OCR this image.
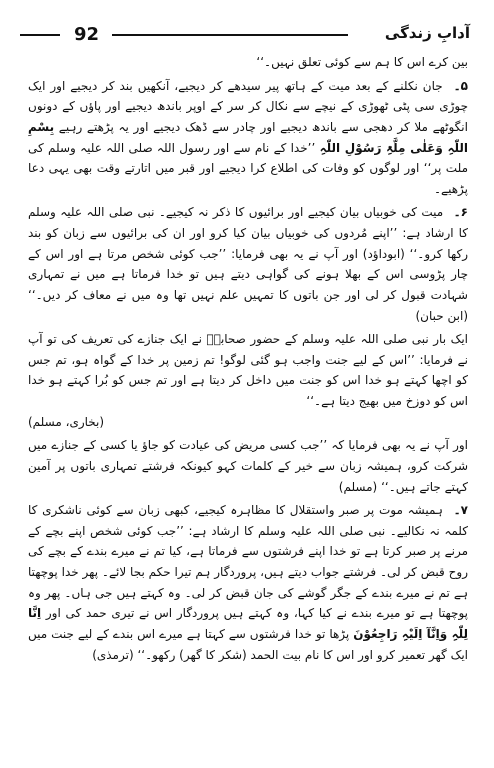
92	آدابِ زندگی

بین کرے اس کا ہم سے کوئی تعلق نہیں۔‘‘

۵۔ جان نکلنے کے بعد میت کے ہاتھ پیر سیدھے کر دیجیے، آنکھیں بند کر دیجیے اور ایک چوڑی سی پٹی ٹھوڑی کے نیچے سے نکال کر سر کے اوپر باندھ دیجیے اور پاؤں کے دونوں انگوٹھے ملا کر دھجی سے باندھ دیجیے اور چادر سے ڈھک دیجیے اور یہ پڑھتے رہیے بِسْمِ اللّٰہِ وَعَلٰی مِلَّۃِ رَسُوْلِ اللّٰہِ ’’خدا کے نام سے اور رسول اللہ صلی اللہ علیہ وسلم کی ملت پر‘‘ اور لوگوں کو وفات کی اطلاع کرا دیجیے اور قبر میں اتارتے وقت بھی یہی دعا پڑھیے۔

۶۔ میت کی خوبیاں بیان کیجیے اور برائیوں کا ذکر نہ کیجیے۔ نبی صلی اللہ علیہ وسلم کا ارشاد ہے: ’’اپنے مُردوں کی خوبیاں بیان کیا کرو اور ان کی برائیوں سے زبان کو بند رکھا کرو۔‘‘ (ابوداؤد) اور آپ نے یہ بھی فرمایا: ’’جب کوئی شخص مرتا ہے اور اس کے چار پڑوسی اس کے بھلا ہونے کی گواہی دیتے ہیں تو خدا فرماتا ہے میں نے تمہاری شہادت قبول کر لی اور جن باتوں کا تمہیں علم نہیں تھا وہ میں نے معاف کر دیں۔‘‘ (ابن حبان)

ایک بار نبی صلی اللہ علیہ وسلم کے حضور صحابہؓ نے ایک جنازے کی تعریف کی تو آپ نے فرمایا: ’’اس کے لیے جنت واجب ہو گئی لوگو! تم زمین پر خدا کے گواہ ہو، تم جس کو اچھا کہتے ہو خدا اس کو جنت میں داخل کر دیتا ہے اور تم جس کو بُرا کہتے ہو خدا اس کو دوزخ میں بھیج دیتا ہے۔‘‘
(بخاری، مسلم)

اور آپ نے یہ بھی فرمایا کہ ’’جب کسی مریض کی عیادت کو جاؤ یا کسی کے جنازے میں شرکت کرو، ہمیشہ زبان سے خیر کے کلمات کہو کیونکہ فرشتے تمہاری باتوں پر آمین کہتے جاتے ہیں۔‘‘ (مسلم)

۷۔ ہمیشہ موت پر صبر واستقلال کا مظاہرہ کیجیے، کبھی زبان سے کوئی ناشکری کا کلمہ نہ نکالیے۔ نبی صلی اللہ علیہ وسلم کا ارشاد ہے: ’’جب کوئی شخص اپنے بچے کے مرنے پر صبر کرتا ہے تو خدا اپنے فرشتوں سے فرماتا ہے، کیا تم نے میرے بندے کے بچے کی روح قبض کر لی۔ فرشتے جواب دیتے ہیں، پروردگار ہم تیرا حکم بجا لائے۔ پھر خدا پوچھتا ہے تم نے میرے بندے کے جگر گوشے کی جان قبض کر لی۔ وہ کہتے ہیں جی ہاں۔ پھر وہ پوچھتا ہے تو میرے بندے نے کیا کہا، وہ کہتے ہیں پروردگار اس نے تیری حمد کی اور اِنَّا لِلّٰہِ وَاِنَّآ اِلَیْہِ رَاجِعُوْنَ پڑھا تو خدا فرشتوں سے کہتا ہے میرے اس بندے کے لیے جنت میں ایک گھر تعمیر کرو اور اس کا نام بیت الحمد (شکر کا گھر) رکھو۔‘‘ (ترمذی)
